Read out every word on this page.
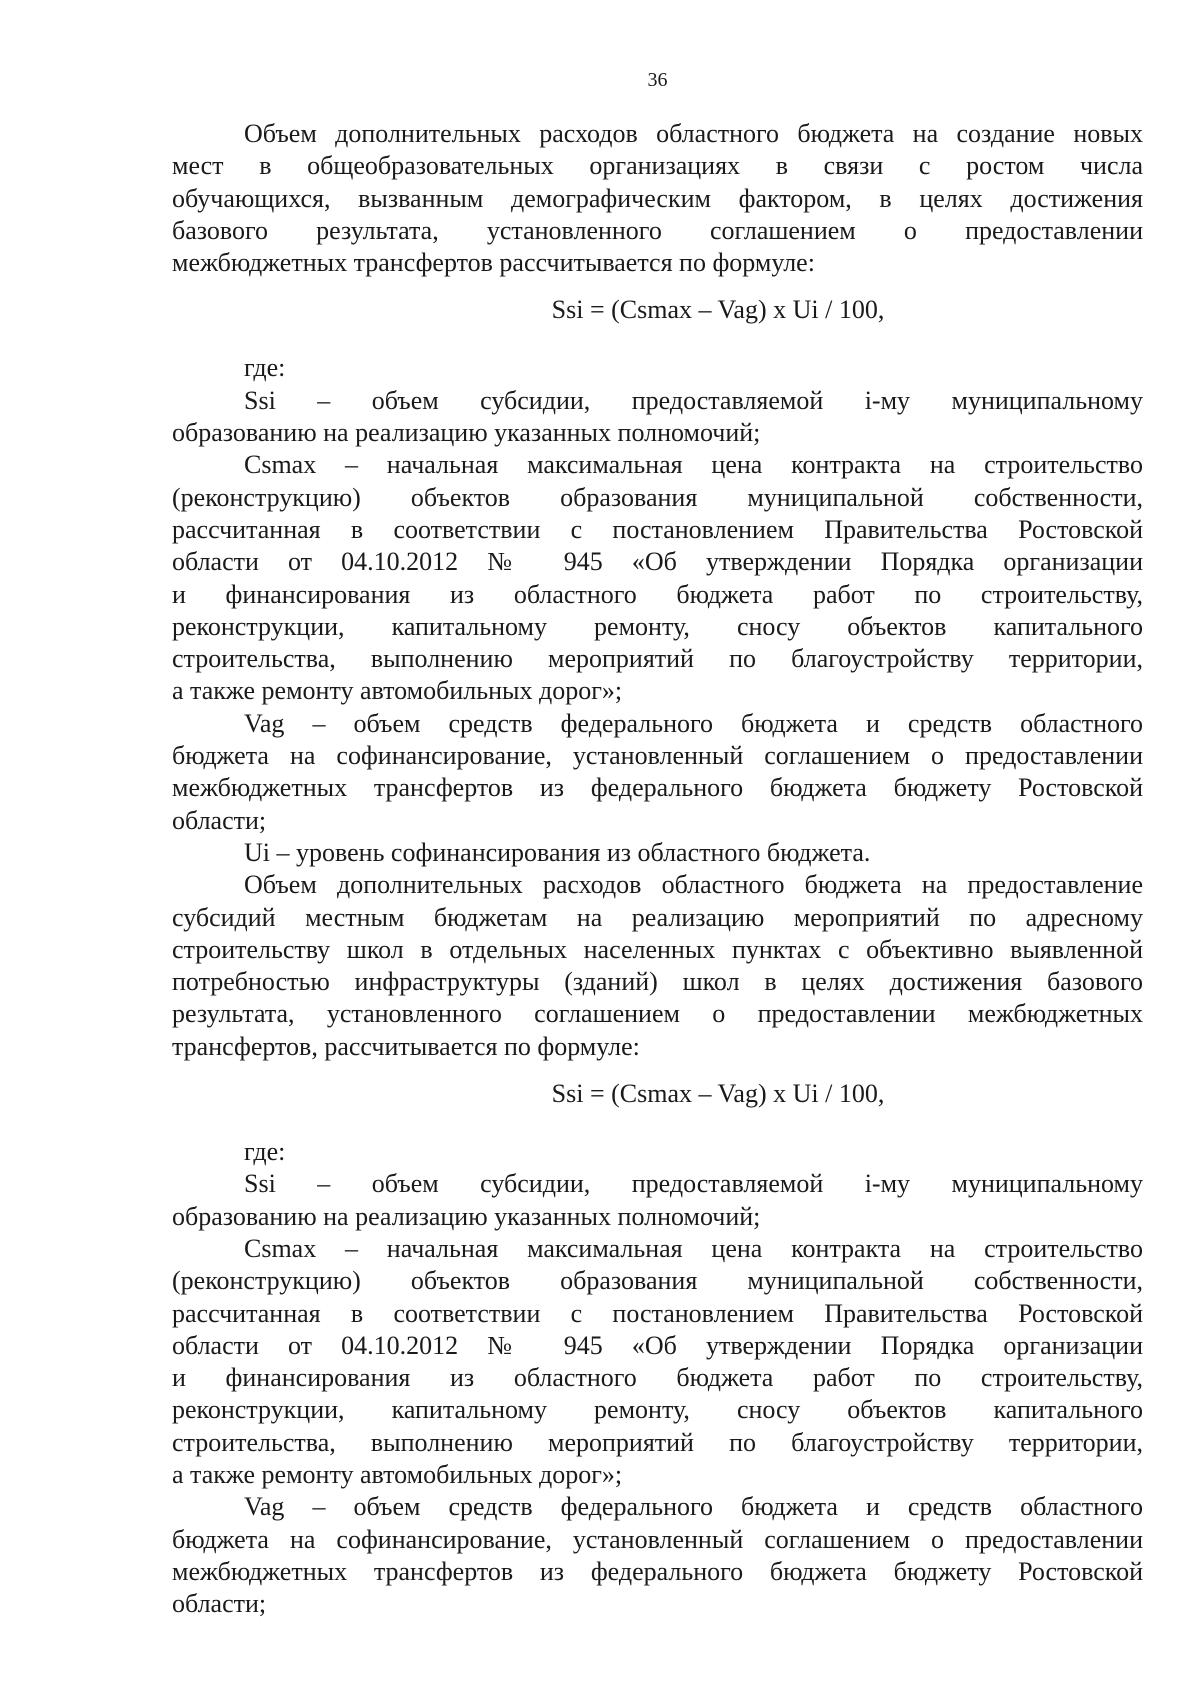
36
Объем дополнительных расходов областного бюджета на создание новых
мест в общеобразовательных организациях в связи с ростом числа
обучающихся, вызванным демографическим фактором, в целях достижения
базового результата, установленного соглашением о предоставлении
межбюджетных трансфертов рассчитывается по формуле:
Ssi = (Csmax – Vag) x Ui / 100,
где:
Ssi – объем субсидии, предоставляемой i-му муниципальному
образованию на реализацию указанных полномочий;
Csmax – начальная максимальная цена контракта на строительство
(реконструкцию) объектов образования муниципальной собственности,
рассчитанная в соответствии с постановлением Правительства Ростовской
области от 04.10.2012 № 945 «Об утверждении Порядка организации
и финансирования из областного бюджета работ по строительству,
реконструкции, капитальному ремонту, сносу объектов капитального
строительства, выполнению мероприятий по благоустройству территории,
а также ремонту автомобильных дорог»;
Vag – объем средств федерального бюджета и средств областного
бюджета на софинансирование, установленный соглашением о предоставлении
межбюджетных трансфертов из федерального бюджета бюджету Ростовской
области;
Ui – уровень софинансирования из областного бюджета.
Объем дополнительных расходов областного бюджета на предоставление
субсидий местным бюджетам на реализацию мероприятий по адресному
строительству школ в отдельных населенных пунктах с объективно выявленной
потребностью инфраструктуры (зданий) школ в целях достижения базового
результата, установленного соглашением о предоставлении межбюджетных
трансфертов, рассчитывается по формуле:
Ssi = (Csmax – Vag) x Ui / 100,
где:
Ssi – объем субсидии, предоставляемой i-му муниципальному
образованию на реализацию указанных полномочий;
Csmax – начальная максимальная цена контракта на строительство
(реконструкцию) объектов образования муниципальной собственности,
рассчитанная в соответствии с постановлением Правительства Ростовской
области от 04.10.2012 № 945 «Об утверждении Порядка организации
и финансирования из областного бюджета работ по строительству,
реконструкции, капитальному ремонту, сносу объектов капитального
строительства, выполнению мероприятий по благоустройству территории,
а также ремонту автомобильных дорог»;
Vag – объем средств федерального бюджета и средств областного
бюджета на софинансирование, установленный соглашением о предоставлении
межбюджетных трансфертов из федерального бюджета бюджету Ростовской
области;
